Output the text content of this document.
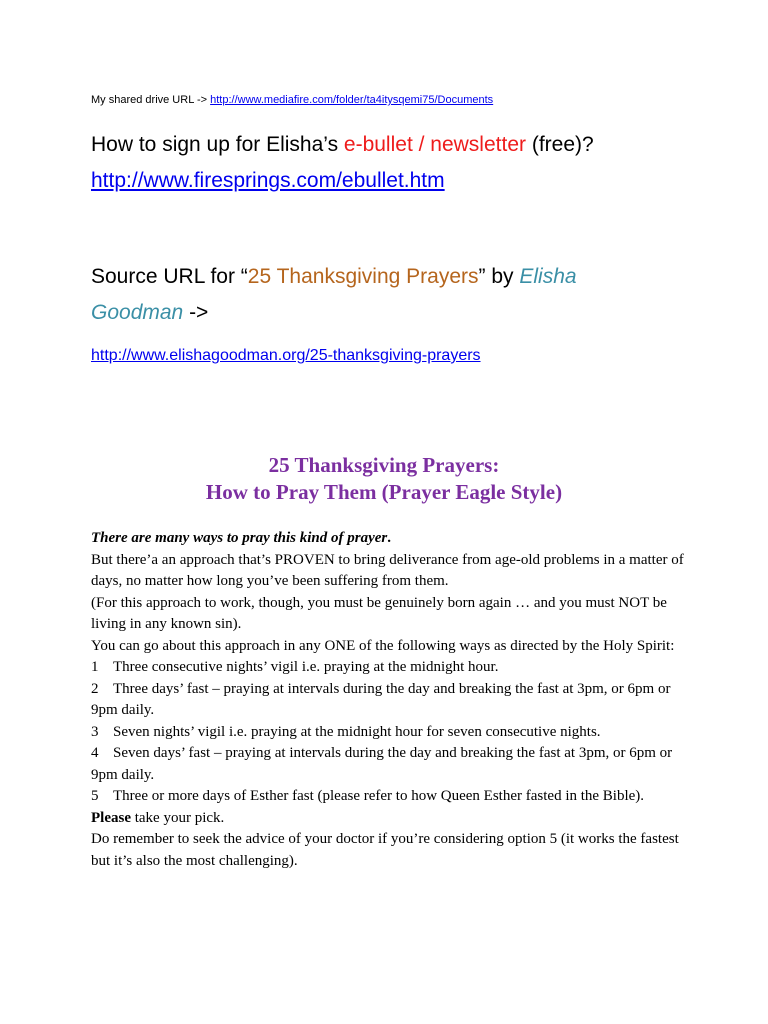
My shared drive URL -> http://www.mediafire.com/folder/ta4itysqemi75/Documents
How to sign up for Elisha’s e-bullet / newsletter (free)?
http://www.firesprings.com/ebullet.htm
Source URL for “25 Thanksgiving Prayers” by Elisha
Goodman ->
http://www.elishagoodman.org/25-thanksgiving-prayers
25 Thanksgiving Prayers:
How to Pray Them (Prayer Eagle Style)

There are many ways to pray this kind of prayer.

But there’a an approach that’s PROVEN to bring deliverance from age-old problems in a matter of days, no matter how long you’ve been suffering from them.

(For this approach to work, though, you must be genuinely born again … and you must NOT be living in any known sin).

You can go about this approach in any ONE of the following ways as directed by the Holy Spirit:

1 Three consecutive nights’ vigil i.e. praying at the midnight hour.

2 Three days’ fast – praying at intervals during the day and breaking the fast at 3pm, or 6pm or 9pm daily.

3 Seven nights’ vigil i.e. praying at the midnight hour for seven consecutive nights.

4 Seven days’ fast – praying at intervals during the day and breaking the fast at 3pm, or 6pm or 9pm daily.

5 Three or more days of Esther fast (please refer to how Queen Esther fasted in the Bible).

Please take your pick.

Do remember to seek the advice of your doctor if you’re considering option 5 (it works the fastest but it’s also the most challenging).
